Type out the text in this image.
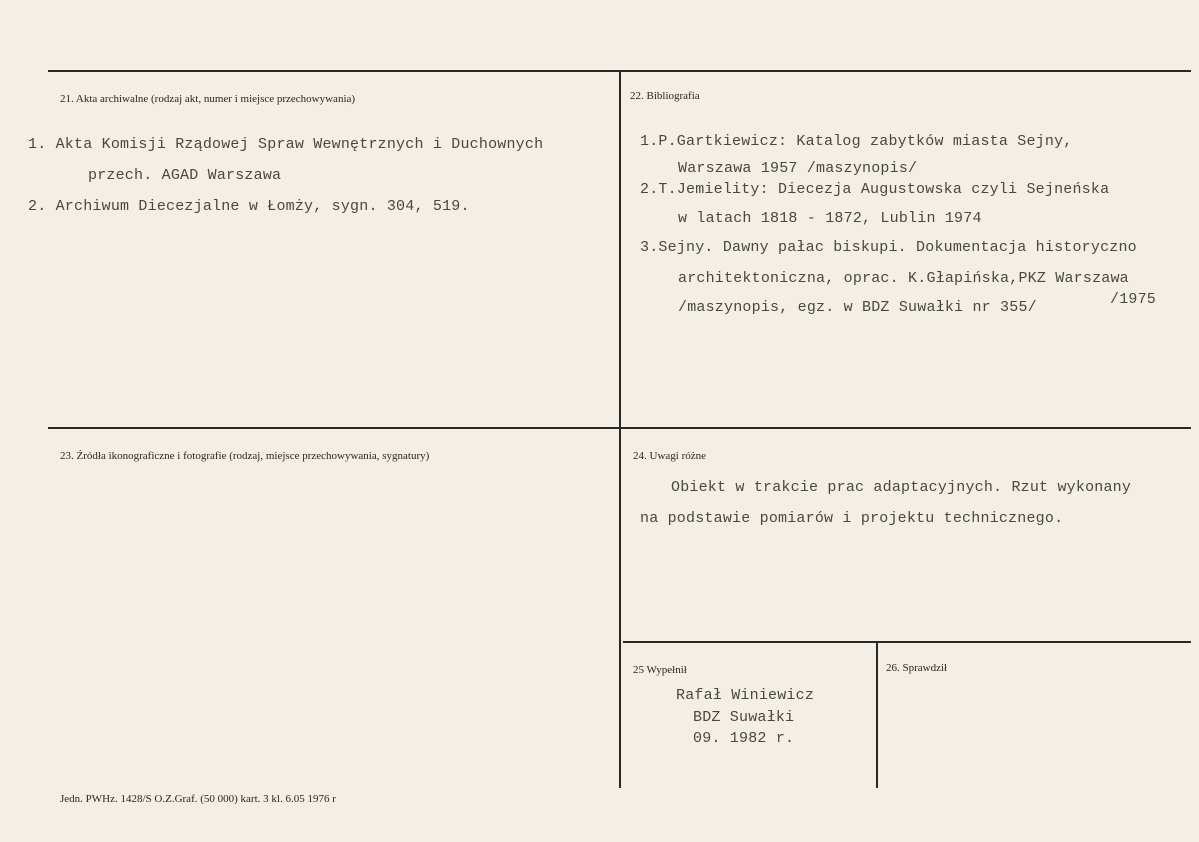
21. Akta archiwalne (rodzaj akt, numer i miejsce przechowywania)
1. Akta Komisji Rządowej Spraw Wewnętrznych i Duchownych
przech. AGAD Warszawa
2. Archiwum Diecezjalne w Łomży, sygn. 304, 519.
22. Bibliografia
1.P.Gartkiewicz: Katalog zabytków miasta Sejny,
Warszawa 1957 /maszynopis/
2.T.Jemielity: Diecezja Augustowska czyli Sejneńska
w latach 1818 - 1872, Lublin 1974
3.Sejny. Dawny pałac biskupi. Dokumentacja historyczno
architektoniczna, oprac. K.Głapińska,PKZ Warszawa
/maszynopis, egz. w BDZ Suwałki nr 355/	/1975
23. Źródła ikonograficzne i fotografie (rodzaj, miejsce przechowywania, sygnatury)	24. Uwagi różne
Obiekt w trakcie prac adaptacyjnych. Rzut wykonany
na podstawie pomiarów i projektu technicznego.
25 Wypełnił
Rafał Winiewicz
BDZ Suwałki
09. 1982 r.
26. Sprawdził
Jedn. PWHz. 1428/S O.Z.Graf. (50 000) kart. 3 kl. 6.05 1976 r
